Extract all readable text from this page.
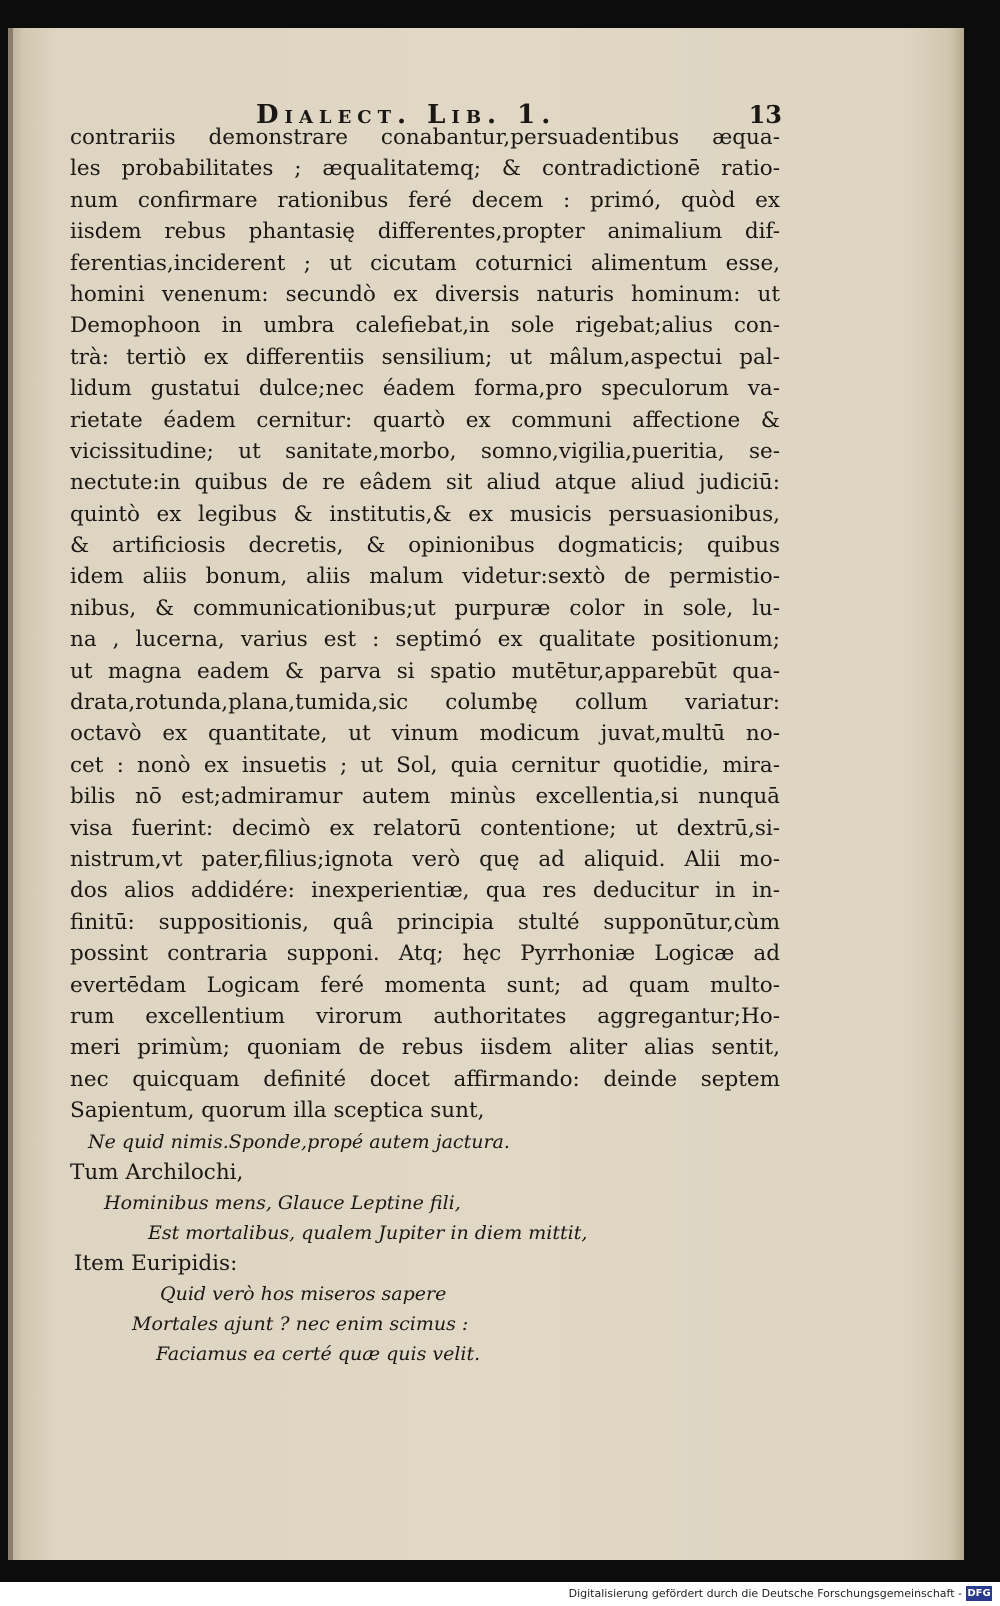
Dialect. Lib. 1.	13
contrariis demonstrare conabantur,persuadentibus æqua-
les probabilitates ; æqualitatemq; & contradictionē ratio-
num confirmare rationibus feré decem : primó, quòd ex
iisdem rebus phantasię differentes,propter animalium dif-
ferentias,inciderent ; ut cicutam coturnici alimentum esse,
homini venenum: secundò ex diversis naturis hominum: ut
Demophoon in umbra calefiebat,in sole rigebat;alius con-
trà: tertiò ex differentiis sensilium; ut mâlum,aspectui pal-
lidum gustatui dulce;nec éadem forma,pro speculorum va-
rietate éadem cernitur: quartò ex communi affectione &
vicissitudine; ut sanitate,morbo, somno,vigilia,pueritia, se-
nectute:in quibus de re eâdem sit aliud atque aliud judiciū:
quintò ex legibus & institutis,& ex musicis persuasionibus,
& artificiosis decretis, & opinionibus dogmaticis; quibus
idem aliis bonum, aliis malum videtur:sextò de permistio-
nibus, & communicationibus;ut purpuræ color in sole, lu-
na , lucerna, varius est : septimó ex qualitate positionum;
ut magna eadem & parva si spatio mutētur,apparebūt qua-
drata,rotunda,plana,tumida,sic columbę collum variatur:
octavò ex quantitate, ut vinum modicum juvat,multū no-
cet : nonò ex insuetis ; ut Sol, quia cernitur quotidie, mira-
bilis nō est;admiramur autem minùs excellentia,si nunquā
visa fuerint: decimò ex relatorū contentione; ut dextrū,si-
nistrum,vt pater,filius;ignota verò quę ad aliquid. Alii mo-
dos alios addidére: inexperientiæ, qua res deducitur in in-
finitū: suppositionis, quâ principia stulté supponūtur,cùm
possint contraria supponi. Atq; hęc Pyrrhoniæ Logicæ ad
evertēdam Logicam feré momenta sunt; ad quam multo-
rum excellentium virorum authoritates aggregantur;Ho-
meri primùm; quoniam de rebus iisdem aliter alias sentit,
nec quicquam definité docet affirmando: deinde septem
Sapientum, quorum illa sceptica sunt,
Ne quid nimis.Sponde,propé autem jactura.
Tum Archilochi,
Hominibus mens, Glauce Leptine fili,
Est mortalibus, qualem Jupiter in diem mittit,
Item Euripidis:
Quid verò hos miseros sapere
Mortales ajunt ? nec enim scimus :
Faciamus ea certé quæ quis velit.
Digitalisierung gefördert durch die Deutsche Forschungsgemeinschaft - DFG
